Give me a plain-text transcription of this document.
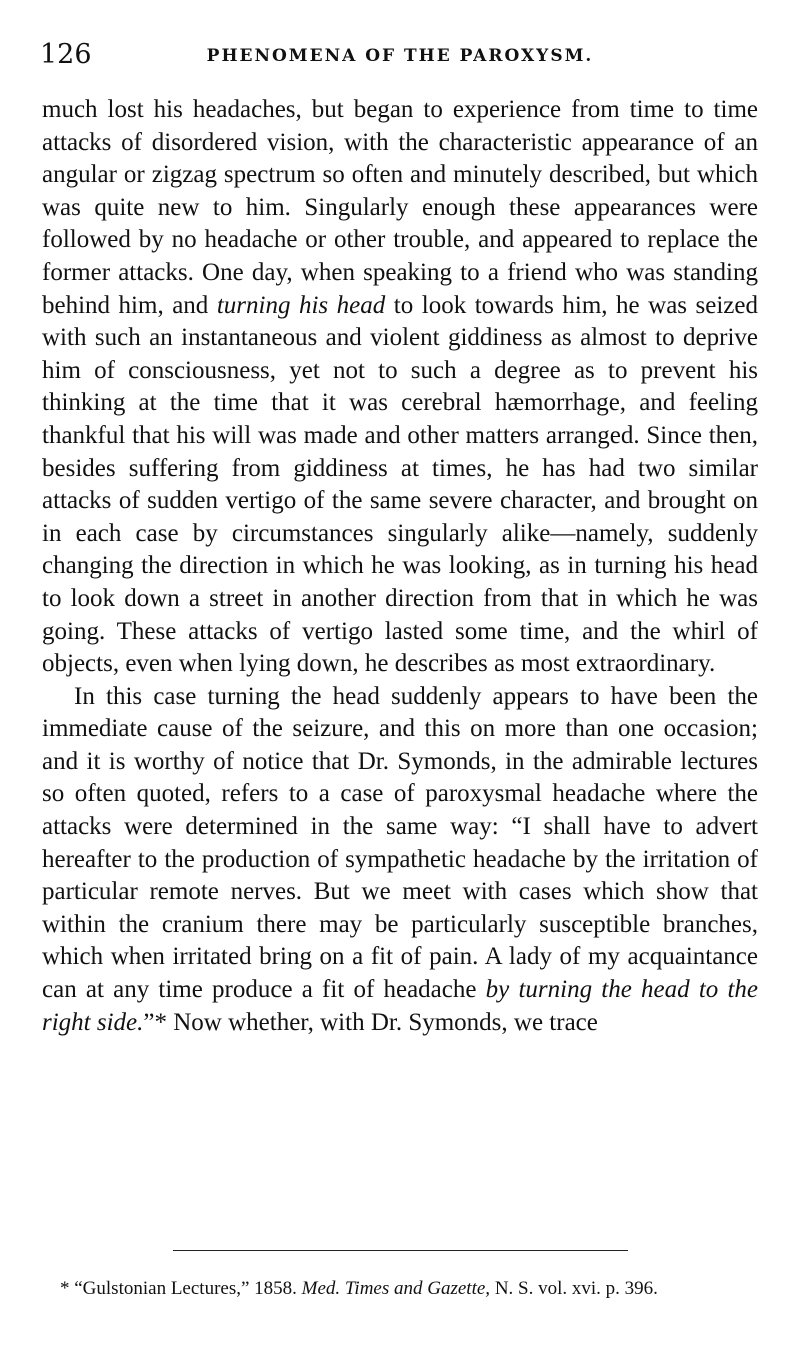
126	PHENOMENA OF THE PAROXYSM.

much lost his headaches, but began to experience from time to time attacks of disordered vision, with the characteristic appearance of an angular or zigzag spectrum so often and minutely described, but which was quite new to him. Singularly enough these appearances were followed by no headache or other trouble, and appeared to replace the former attacks. One day, when speaking to a friend who was standing behind him, and turning his head to look towards him, he was seized with such an instantaneous and violent giddiness as almost to deprive him of consciousness, yet not to such a degree as to prevent his thinking at the time that it was cerebral hæmorrhage, and feeling thankful that his will was made and other matters arranged. Since then, besides suffering from giddiness at times, he has had two similar attacks of sudden vertigo of the same severe character, and brought on in each case by circumstances singularly alike—namely, suddenly changing the direction in which he was looking, as in turning his head to look down a street in another direction from that in which he was going. These attacks of vertigo lasted some time, and the whirl of objects, even when lying down, he describes as most extraordinary.

In this case turning the head suddenly appears to have been the immediate cause of the seizure, and this on more than one occasion; and it is worthy of notice that Dr. Symonds, in the admirable lectures so often quoted, refers to a case of paroxysmal headache where the attacks were determined in the same way: “I shall have to advert hereafter to the production of sympathetic headache by the irritation of particular remote nerves. But we meet with cases which show that within the cranium there may be particularly susceptible branches, which when irritated bring on a fit of pain. A lady of my acquaintance can at any time produce a fit of headache by turning the head to the right side.”* Now whether, with Dr. Symonds, we trace

* “Gulstonian Lectures,” 1858. Med. Times and Gazette, N. S. vol. xvi. p. 396.
